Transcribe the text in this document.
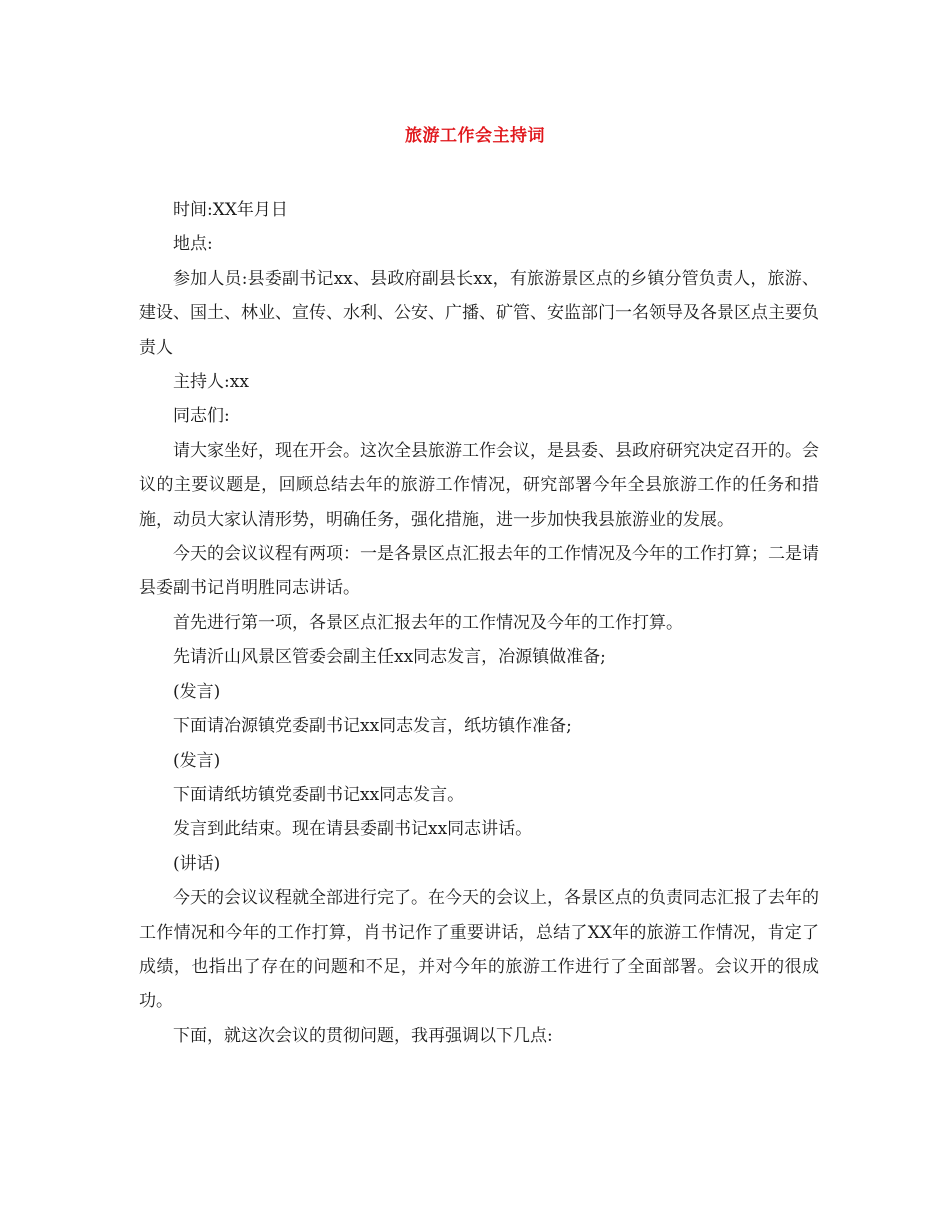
旅游工作会主持词

时间:XX年月日

地点:

参加人员:县委副书记xx、县政府副县长xx，有旅游景区点的乡镇分管负责人，旅游、建设、国土、林业、宣传、水利、公安、广播、矿管、安监部门一名领导及各景区点主要负责人

主持人:xx

同志们:

请大家坐好，现在开会。这次全县旅游工作会议，是县委、县政府研究决定召开的。会议的主要议题是，回顾总结去年的旅游工作情况，研究部署今年全县旅游工作的任务和措施，动员大家认清形势，明确任务，强化措施，进一步加快我县旅游业的发展。

今天的会议议程有两项：一是各景区点汇报去年的工作情况及今年的工作打算；二是请县委副书记肖明胜同志讲话。

首先进行第一项，各景区点汇报去年的工作情况及今年的工作打算。

先请沂山风景区管委会副主任xx同志发言，冶源镇做准备;

(发言)

下面请冶源镇党委副书记xx同志发言，纸坊镇作准备;

(发言)

下面请纸坊镇党委副书记xx同志发言。

发言到此结束。现在请县委副书记xx同志讲话。

(讲话)

今天的会议议程就全部进行完了。在今天的会议上，各景区点的负责同志汇报了去年的工作情况和今年的工作打算，肖书记作了重要讲话，总结了XX年的旅游工作情况，肯定了成绩，也指出了存在的问题和不足，并对今年的旅游工作进行了全面部署。会议开的很成功。

下面，就这次会议的贯彻问题，我再强调以下几点:
